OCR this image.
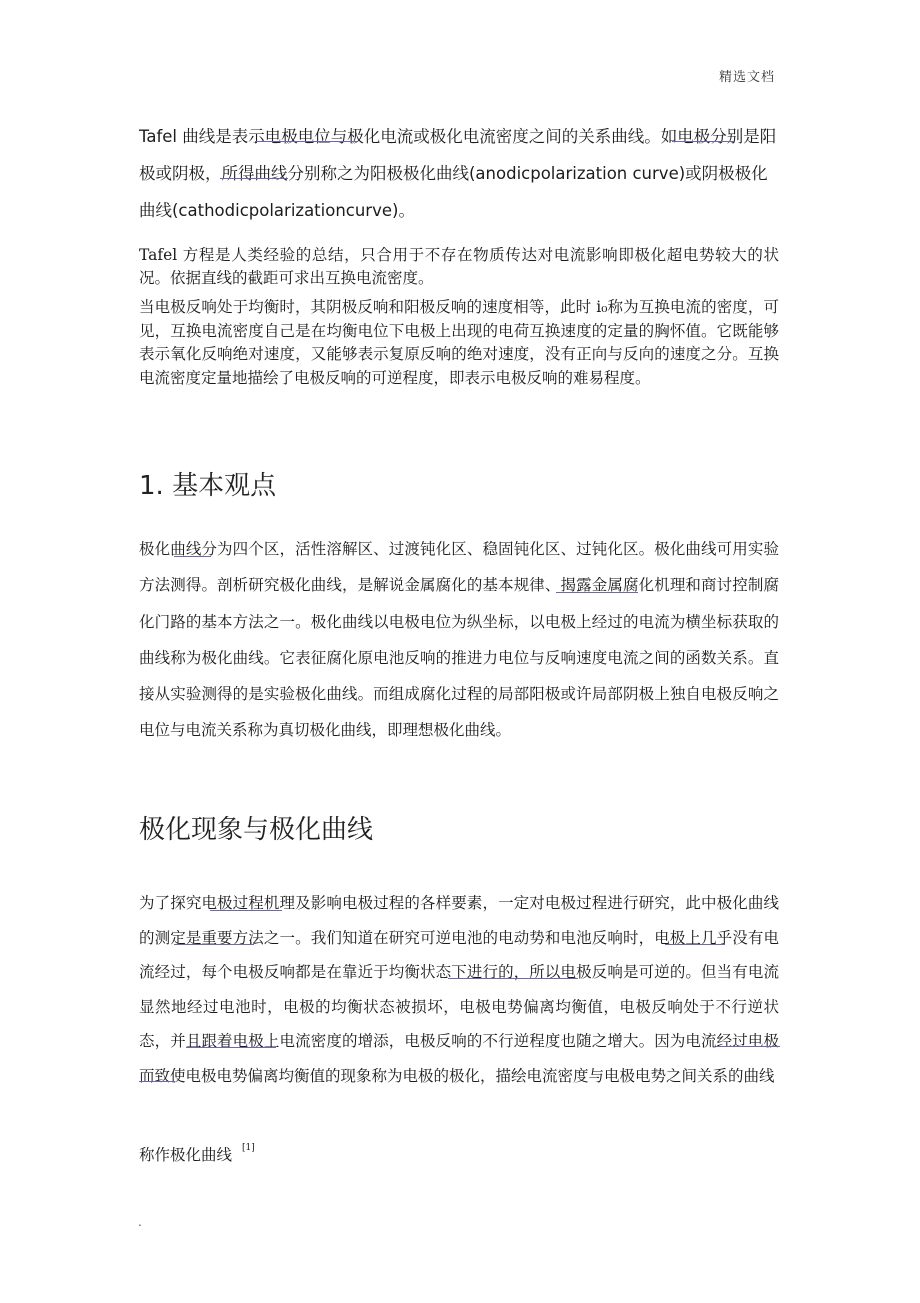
精选文档

Tafel 曲线是表示电极电位与极化电流或极化电流密度之间的关系曲线。如电极分别是阳极或阴极，所得曲线分别称之为阳极极化曲线(anodicpolarization curve)或阴极极化曲线(cathodicpolarizationcurve)。

Tafel 方程是人类经验的总结，只合用于不存在物质传达对电流影响即极化超电势较大的状况。依据直线的截距可求出互换电流密度。

当电极反响处于均衡时，其阴极反响和阳极反响的速度相等，此时 i₀称为互换电流的密度，可见，互换电流密度自己是在均衡电位下电极上出现的电荷互换速度的定量的胸怀值。它既能够表示氧化反响绝对速度，又能够表示复原反响的绝对速度，没有正向与反向的速度之分。互换电流密度定量地描绘了电极反响的可逆程度，即表示电极反响的难易程度。

1. 基本观点

极化曲线分为四个区，活性溶解区、过渡钝化区、稳固钝化区、过钝化区。极化曲线可用实验方法测得。剖析研究极化曲线，是解说金属腐化的基本规律、揭露金属腐化机理和商讨控制腐化门路的基本方法之一。极化曲线以电极电位为纵坐标，以电极上经过的电流为横坐标获取的曲线称为极化曲线。它表征腐化原电池反响的推进力电位与反响速度电流之间的函数关系。直接从实验测得的是实验极化曲线。而组成腐化过程的局部阳极或许局部阴极上独自电极反响之电位与电流关系称为真切极化曲线，即理想极化曲线。

极化现象与极化曲线

为了探究电极过程机理及影响电极过程的各样要素，一定对电极过程进行研究，此中极化曲线的测定是重要方法之一。我们知道在研究可逆电池的电动势和电池反响时，电极上几乎没有电流经过，每个电极反响都是在靠近于均衡状态下进行的，所以电极反响是可逆的。但当有电流显然地经过电池时，电极的均衡状态被损坏，电极电势偏离均衡值，电极反响处于不行逆状态，并且跟着电极上电流密度的增添，电极反响的不行逆程度也随之增大。因为电流经过电极而致使电极电势偏离均衡值的现象称为电极的极化，描绘电流密度与电极电势之间关系的曲线

称作极化曲线 [1]
.
